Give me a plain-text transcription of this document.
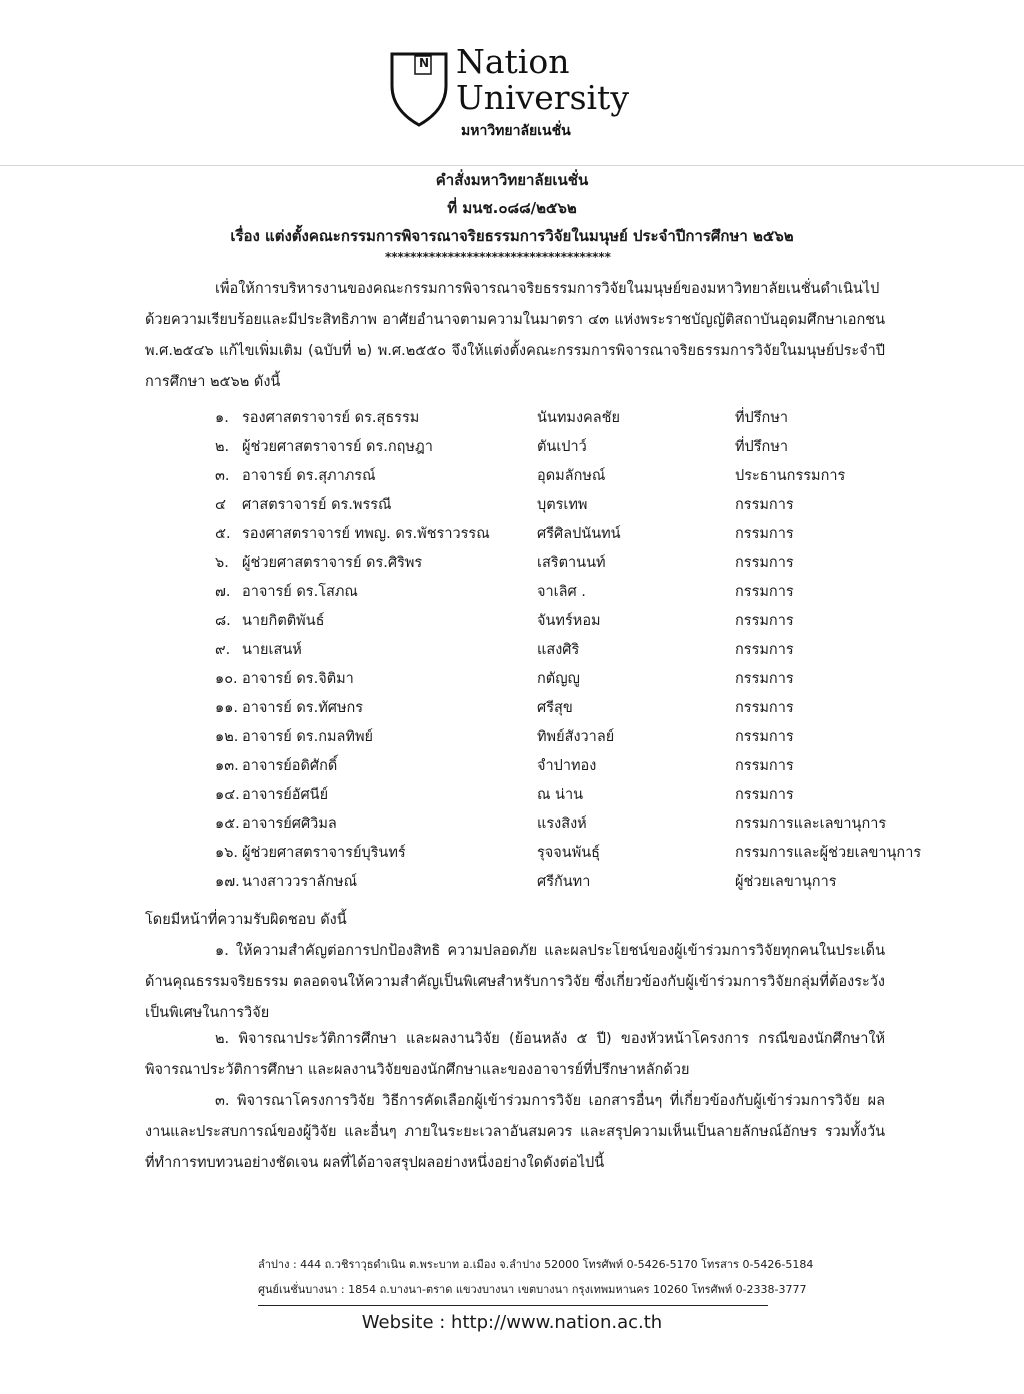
N Nation
University
มหาวิทยาลัยเนชั่น
คำสั่งมหาวิทยาลัยเนชั่น
ที่ มนช.๐๘๘/๒๕๖๒
เรื่อง แต่งตั้งคณะกรรมการพิจารณาจริยธรรมการวิจัยในมนุษย์ ประจำปีการศึกษา ๒๕๖๒
************************************
เพื่อให้การบริหารงานของคณะกรรมการพิจารณาจริยธรรมการวิจัยในมนุษย์ของมหาวิทยาลัยเนชั่นดำเนินไปด้วยความเรียบร้อยและมีประสิทธิภาพ อาศัยอำนาจตามความในมาตรา ๔๓ แห่งพระราชบัญญัติสถาบันอุดมศึกษาเอกชน พ.ศ.๒๕๔๖ แก้ไขเพิ่มเติม (ฉบับที่ ๒) พ.ศ.๒๕๕๐ จึงให้แต่งตั้งคณะกรรมการพิจารณาจริยธรรมการวิจัยในมนุษย์ประจำปีการศึกษา ๒๕๖๒ ดังนี้
๑. รองศาสตราจารย์ ดร.สุธรรม	นันทมงคลชัย	ที่ปรึกษา
๒. ผู้ช่วยศาสตราจารย์ ดร.กฤษฎา	ตันเปาว์	ที่ปรึกษา
๓. อาจารย์ ดร.สุภาภรณ์	อุดมลักษณ์	ประธานกรรมการ
๔ ศาสตราจารย์ ดร.พรรณี	บุตรเทพ	กรรมการ
๕. รองศาสตราจารย์ ทพญ. ดร.พัชราวรรณ	ศรีศิลปนันทน์	กรรมการ
๖. ผู้ช่วยศาสตราจารย์ ดร.ศิริพร	เสริตานนท์	กรรมการ
๗. อาจารย์ ดร.โสภณ	จาเลิศ .	กรรมการ
๘. นายกิตติพันธ์	จันทร์หอม	กรรมการ
๙. นายเสนห์	แสงศิริ	กรรมการ
๑๐. อาจารย์ ดร.จิติมา	กตัญญู	กรรมการ
๑๑. อาจารย์ ดร.ทัศษกร	ศรีสุข	กรรมการ
๑๒. อาจารย์ ดร.กมลทิพย์	ทิพย์สังวาลย์	กรรมการ
๑๓. อาจารย์อดิศักดิ์	จำปาทอง	กรรมการ
๑๔. อาจารย์อัศนีย์	ณ น่าน	กรรมการ
๑๕. อาจารย์ศศิวิมล	แรงสิงห์	กรรมการและเลขานุการ
๑๖. ผู้ช่วยศาสตราจารย์บุรินทร์	รุจจนพันธุ์	กรรมการและผู้ช่วยเลขานุการ
๑๗. นางสาววราลักษณ์	ศรีกันทา	ผู้ช่วยเลขานุการ
โดยมีหน้าที่ความรับผิดชอบ ดังนี้
๑. ให้ความสำคัญต่อการปกป้องสิทธิ ความปลอดภัย และผลประโยชน์ของผู้เข้าร่วมการวิจัยทุกคนในประเด็นด้านคุณธรรมจริยธรรม ตลอดจนให้ความสำคัญเป็นพิเศษสำหรับการวิจัย ซึ่งเกี่ยวข้องกับผู้เข้าร่วมการวิจัยกลุ่มที่ต้องระวังเป็นพิเศษในการวิจัย
๒. พิจารณาประวัติการศึกษา และผลงานวิจัย (ย้อนหลัง ๕ ปี) ของหัวหน้าโครงการ กรณีของนักศึกษาให้พิจารณาประวัติการศึกษา และผลงานวิจัยของนักศึกษาและของอาจารย์ที่ปรึกษาหลักด้วย
๓. พิจารณาโครงการวิจัย วิธีการคัดเลือกผู้เข้าร่วมการวิจัย เอกสารอื่นๆ ที่เกี่ยวข้องกับผู้เข้าร่วมการวิจัย ผลงานและประสบการณ์ของผู้วิจัย และอื่นๆ ภายในระยะเวลาอันสมควร และสรุปความเห็นเป็นลายลักษณ์อักษร รวมทั้งวันที่ทำการทบทวนอย่างชัดเจน ผลที่ได้อาจสรุปผลอย่างหนึ่งอย่างใดดังต่อไปนี้
ลำปาง : 444 ถ.วชิราวุธดำเนิน ต.พระบาท อ.เมือง จ.ลำปาง 52000 โทรศัพท์ 0-5426-5170 โทรสาร 0-5426-5184
ศูนย์เนชั่นบางนา : 1854 ถ.บางนา-ตราด แขวงบางนา เขตบางนา กรุงเทพมหานคร 10260 โทรศัพท์ 0-2338-3777
Website : http://www.nation.ac.th
